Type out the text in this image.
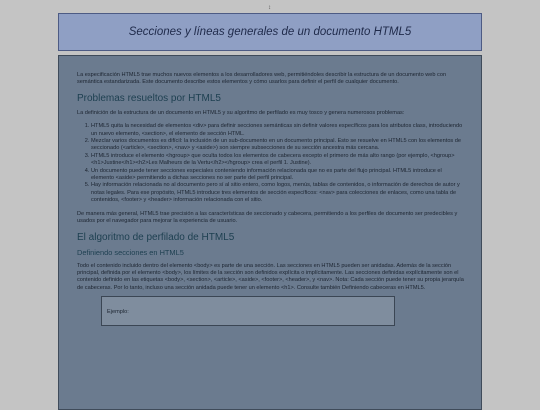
↕
Secciones y líneas generales de un documento HTML5

La especificación HTML5 trae muchos nuevos elementos a los desarrolladores web, permitiéndoles describir la estructura de un documento web con semántica estandarizada. Este documento describe estos elementos y cómo usarlos para definir el perfil de cualquier documento.

Problemas resueltos por HTML5

La definición de la estructura de un documento en HTML5 y su algoritmo de perfilado es muy tosco y genera numerosos problemas:

1. HTML5 quita la necesidad de elementos <div> para definir secciones semánticas sin definir valores específicos para los atributos class, introduciendo un nuevo elemento, <section>, el elemento de sección HTML.
2. Mezclar varios documentos es difícil: la inclusión de un sub-documento en un documento principal. Esto se resuelve en HTML5 con los elementos de seccionado (<article>, <section>, <nav> y <aside>) son siempre subsecciones de su sección ancestra más cercana.
3. HTML5 introduce el elemento <hgroup> que oculta todos los elementos de cabecera excepto el primero de más alto rango (por ejemplo, <hgroup><h1>Justine</h1><h2>Les Malheurs de la Vertu</h2></hgroup> crea el perfil 1. Justine).
4. Un documento puede tener secciones especiales conteniendo información relacionada que no es parte del flujo principal. HTML5 introduce el elemento <aside> permitiendo a dichas secciones no ser parte del perfil principal.
5. Hay información relacionada no al documento pero sí al sitio entero, como logos, menús, tablas de contenidos, o información de derechos de autor y notas legales. Para ese propósito, HTML5 introduce tres elementos de sección específicos: <nav> para colecciones de enlaces, como una tabla de contenidos, <footer> y <header> información relacionada con el sitio.

De manera más general, HTML5 trae precisión a las características de seccionado y cabecera, permitiendo a los perfiles de documento ser predecibles y usados por el navegador para mejorar la experiencia de usuario.

El algoritmo de perfilado de HTML5
Definiendo secciones en HTML5

Todo el contenido incluido dentro del elemento <body> es parte de una sección. Las secciones en HTML5 pueden ser anidadas. Además de la sección principal, definida por el elemento <body>, los límites de la sección son definidos explícita o implícitamente. Las secciones definidas explícitamente son el contenido definido en las etiquetas <body>, <section>, <article>, <aside>, <footer>, <header>, y <nav>. Nota: Cada sección puede tener su propia jerarquía de cabeceras. Por lo tanto, incluso una sección anidada puede tener un elemento <h1>. Consulte también Definiendo cabeceras en HTML5.

Ejemplo:
